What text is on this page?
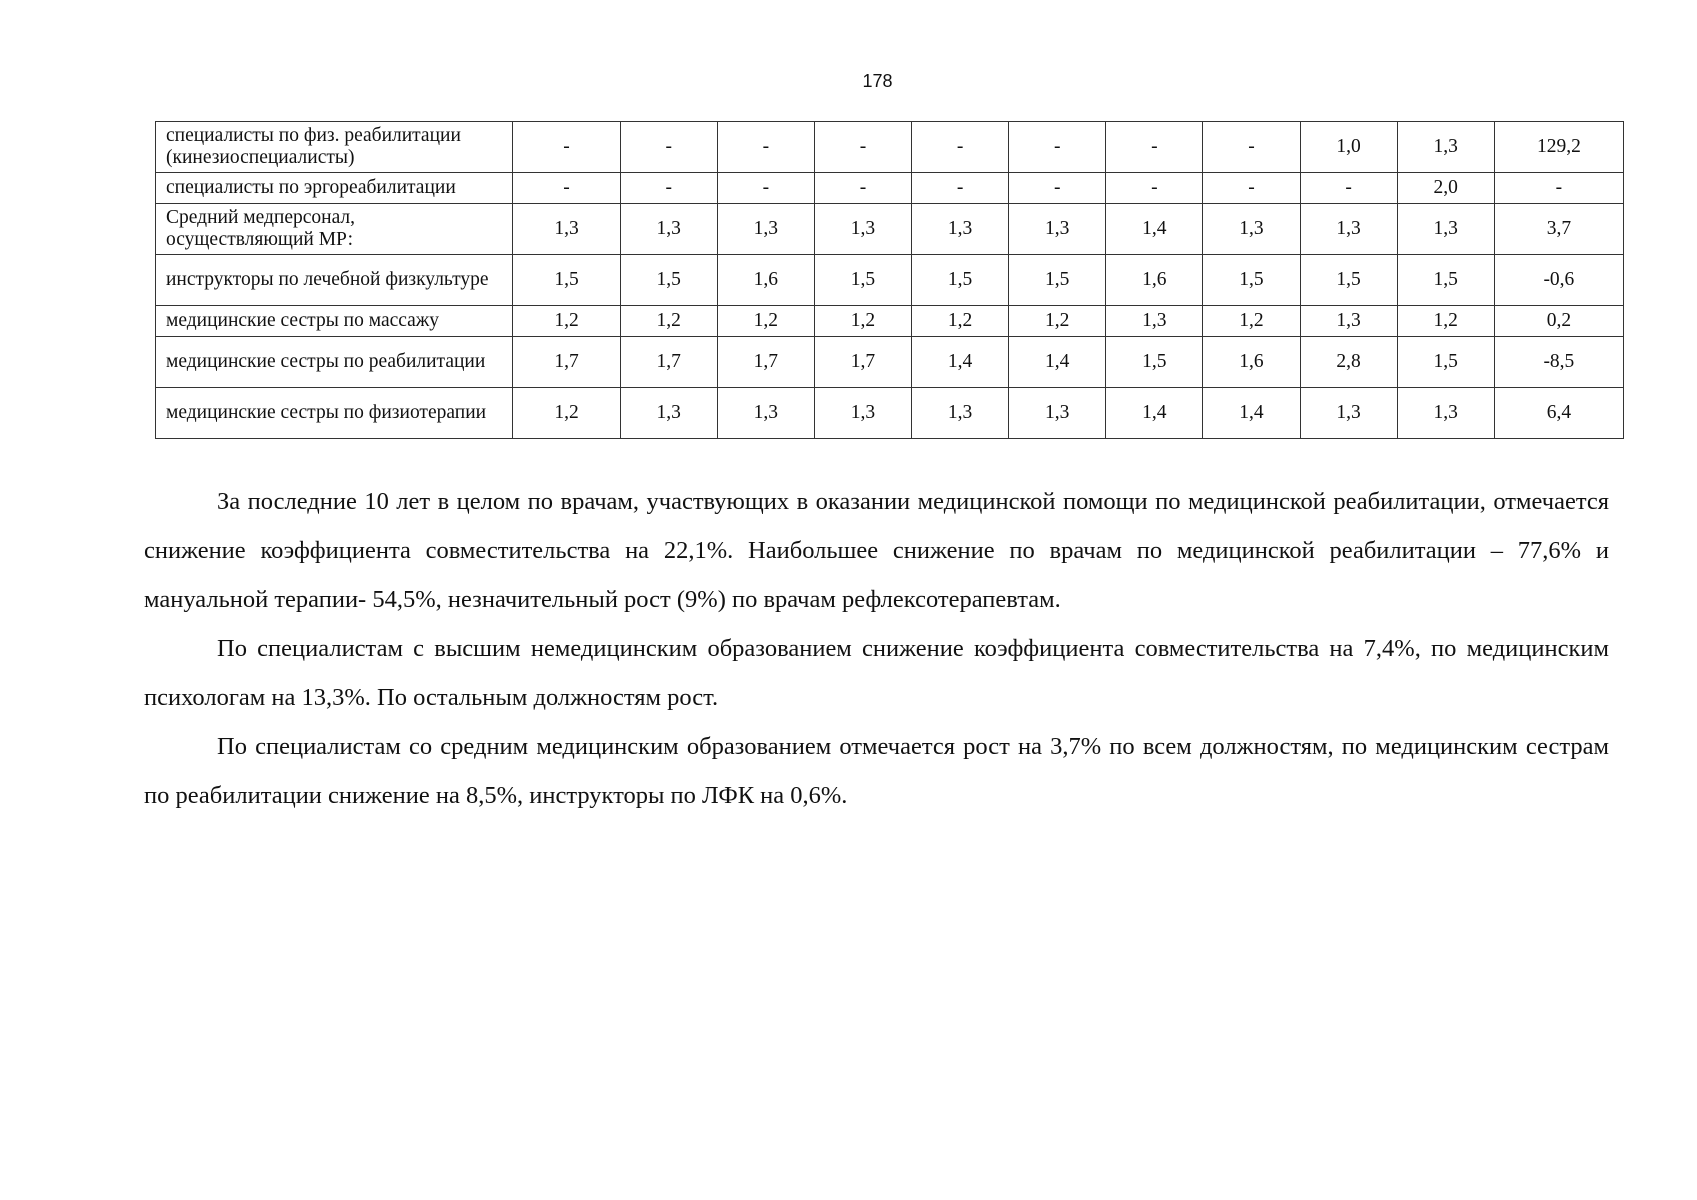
178
специалисты по физ. реабилитации (кинезиоспециалисты)	-	-	-	-	-	-	-	-	1,0	1,3	129,2
специалисты по эргореабилитации	-	-	-	-	-	-	-	-	-	2,0	-
Средний медперсонал, осуществляющий МР:	1,3	1,3	1,3	1,3	1,3	1,3	1,4	1,3	1,3	1,3	3,7
инструкторы по лечебной физкультуре	1,5	1,5	1,6	1,5	1,5	1,5	1,6	1,5	1,5	1,5	-0,6
медицинские сестры по массажу	1,2	1,2	1,2	1,2	1,2	1,2	1,3	1,2	1,3	1,2	0,2
медицинские сестры по реабилитации	1,7	1,7	1,7	1,7	1,4	1,4	1,5	1,6	2,8	1,5	-8,5
медицинские сестры по физиотерапии	1,2	1,3	1,3	1,3	1,3	1,3	1,4	1,4	1,3	1,3	6,4

За последние 10 лет в целом по врачам, участвующих в оказании медицинской помощи по медицинской реабилитации, отмечается снижение коэффициента совместительства на 22,1%. Наибольшее снижение по врачам по медицинской реабилитации – 77,6% и мануальной терапии- 54,5%, незначительный рост (9%) по врачам рефлексотерапевтам.

По специалистам с высшим немедицинским образованием снижение коэффициента совместительства на 7,4%, по медицинским психологам на 13,3%. По остальным должностям рост.

По специалистам со средним медицинским образованием отмечается рост на 3,7% по всем должностям, по медицинским сестрам по реабилитации снижение на 8,5%, инструкторы по ЛФК на 0,6%.
